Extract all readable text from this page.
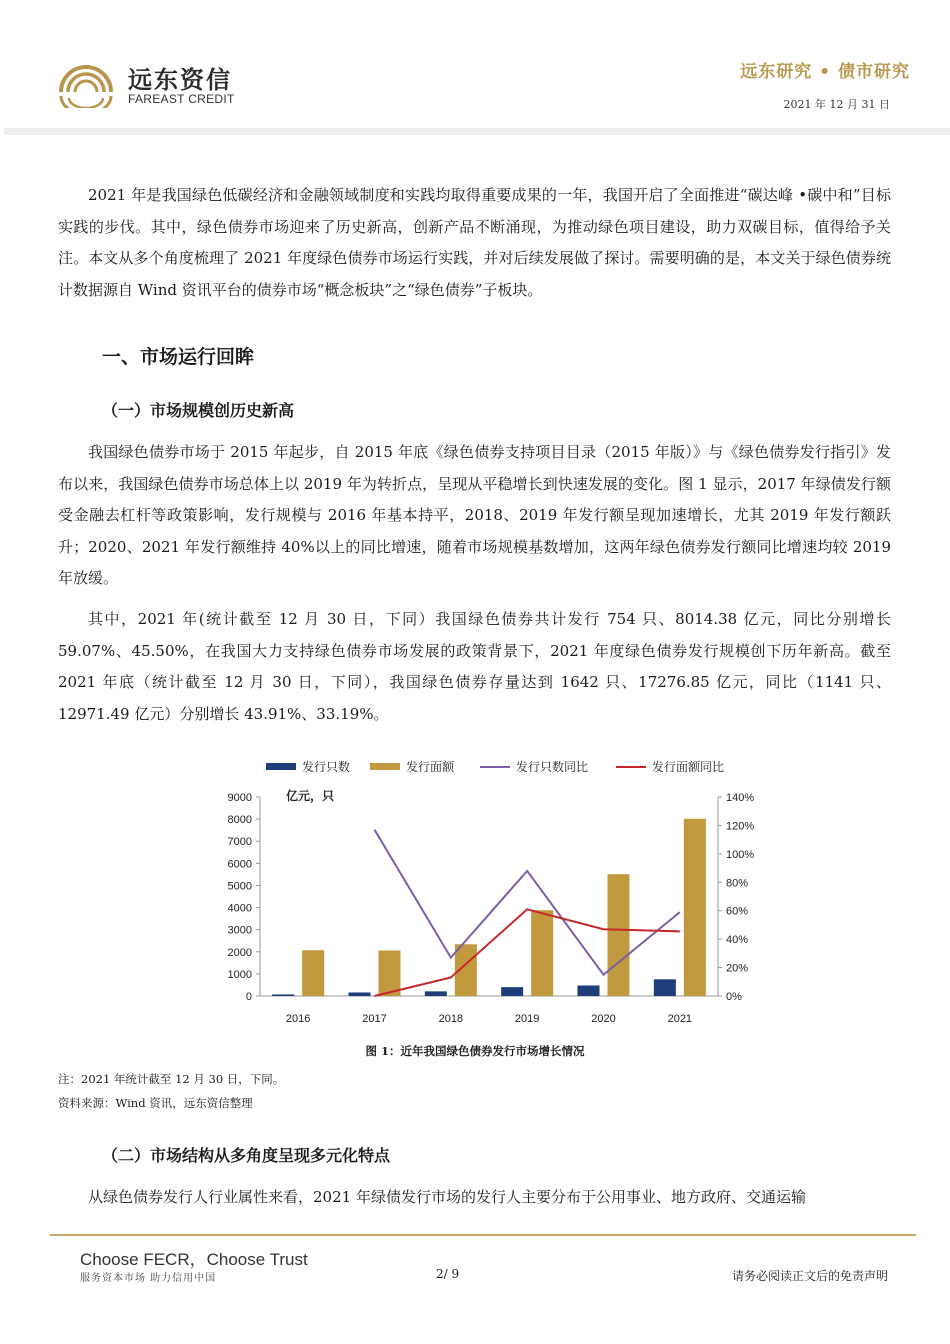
远东资信
FAREAST CREDIT
远东研究 • 债市研究
2021 年 12 月 31 日
2021 年是我国绿色低碳经济和金融领域制度和实践均取得重要成果的一年，我国开启了全面推进“碳达峰 •碳中和”目标实践的步伐。其中，绿色债券市场迎来了历史新高，创新产品不断涌现，为推动绿色项目建设，助力双碳目标，值得给予关注。本文从多个角度梳理了 2021 年度绿色债券市场运行实践，并对后续发展做了探讨。需要明确的是，本文关于绿色债券统计数据源自 Wind 资讯平台的债券市场“概念板块”之“绿色债券”子板块。
一、市场运行回眸
（一）市场规模创历史新高
我国绿色债券市场于 2015 年起步，自 2015 年底《绿色债券支持项目目录（2015 年版）》与《绿色债券发行指引》发布以来，我国绿色债券市场总体上以 2019 年为转折点，呈现从平稳增长到快速发展的变化。图 1 显示，2017 年绿债发行额受金融去杠杆等政策影响，发行规模与 2016 年基本持平，2018、2019 年发行额呈现加速增长，尤其 2019 年发行额跃升；2020、2021 年发行额维持 40%以上的同比增速，随着市场规模基数增加，这两年绿色债券发行额同比增速均较 2019 年放缓。
其中，2021 年(统计截至 12 月 30 日，下同）我国绿色债券共计发行 754 只、8014.38 亿元，同比分别增长 59.07%、45.50%，在我国大力支持绿色债券市场发展的政策背景下，2021 年度绿色债券发行规模创下历年新高。截至 2021 年底（统计截至 12 月 30 日，下同），我国绿色债券存量达到 1642 只、17276.85 亿元，同比（1141 只、12971.49 亿元）分别增长 43.91%、33.19%。
0
1000
2000
3000
4000
5000
6000
7000
8000
9000
0%
20%
40%
60%
80%
100%
120%
140%
2016	2017	2018	2019	2020	2021
亿元，只
发行只数	发行面额	发行只数同比	发行面额同比
图 1：近年我国绿色债券发行市场增长情况
注：2021 年统计截至 12 月 30 日，下同。
资料来源：Wind 资讯，远东资信整理
（二）市场结构从多角度呈现多元化特点
从绿色债券发行人行业属性来看，2021 年绿债发行市场的发行人主要分布于公用事业、地方政府、交通运输
Choose FECR，Choose Trust
服务资本市场 助力信用中国	2/ 9	请务必阅读正文后的免责声明
